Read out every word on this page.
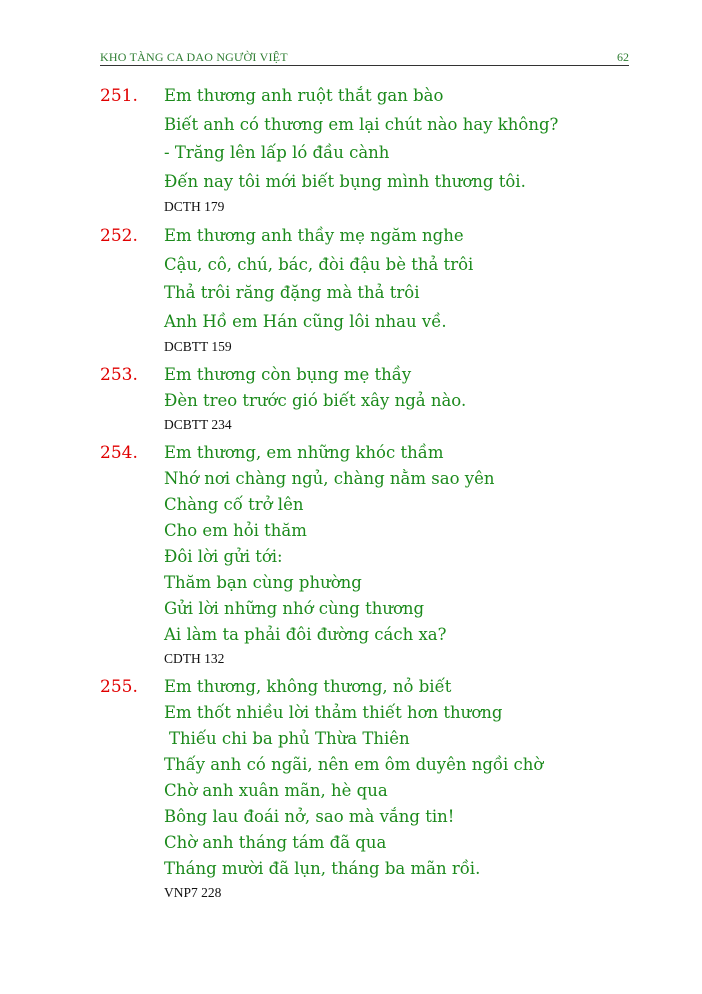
KHO TÀNG CA DAO NGƯỜI VIỆT	62
251. Em thương anh ruột thắt gan bào
Biết anh có thương em lại chút nào hay không?
- Trăng lên lấp ló đầu cành
Đến nay tôi mới biết bụng mình thương tôi.
DCTH 179
252. Em thương anh thầy mẹ ngăm nghe
Cậu, cô, chú, bác, đòi đậu bè thả trôi
Thả trôi răng đặng mà thả trôi
Anh Hồ em Hán cũng lôi nhau về.
DCBTT 159
253. Em thương còn bụng mẹ thầy
Đèn treo trước gió biết xây ngả nào.
DCBTT 234
254. Em thương, em những khóc thầm
Nhớ nơi chàng ngủ, chàng nằm sao yên
Chàng cố trở lên
Cho em hỏi thăm
Đôi lời gửi tới:
Thăm bạn cùng phường
Gửi lời những nhớ cùng thương
Ai làm ta phải đôi đường cách xa?
CDTH 132
255. Em thương, không thương, nỏ biết
Em thốt nhiều lời thảm thiết hơn thương
Thiếu chi ba phủ Thừa Thiên
Thấy anh có ngãi, nên em ôm duyên ngồi chờ
Chờ anh xuân mãn, hè qua
Bông lau đoái nở, sao mà vắng tin!
Chờ anh tháng tám đã qua
Tháng mười đã lụn, tháng ba mãn rồi.
VNP7 228
